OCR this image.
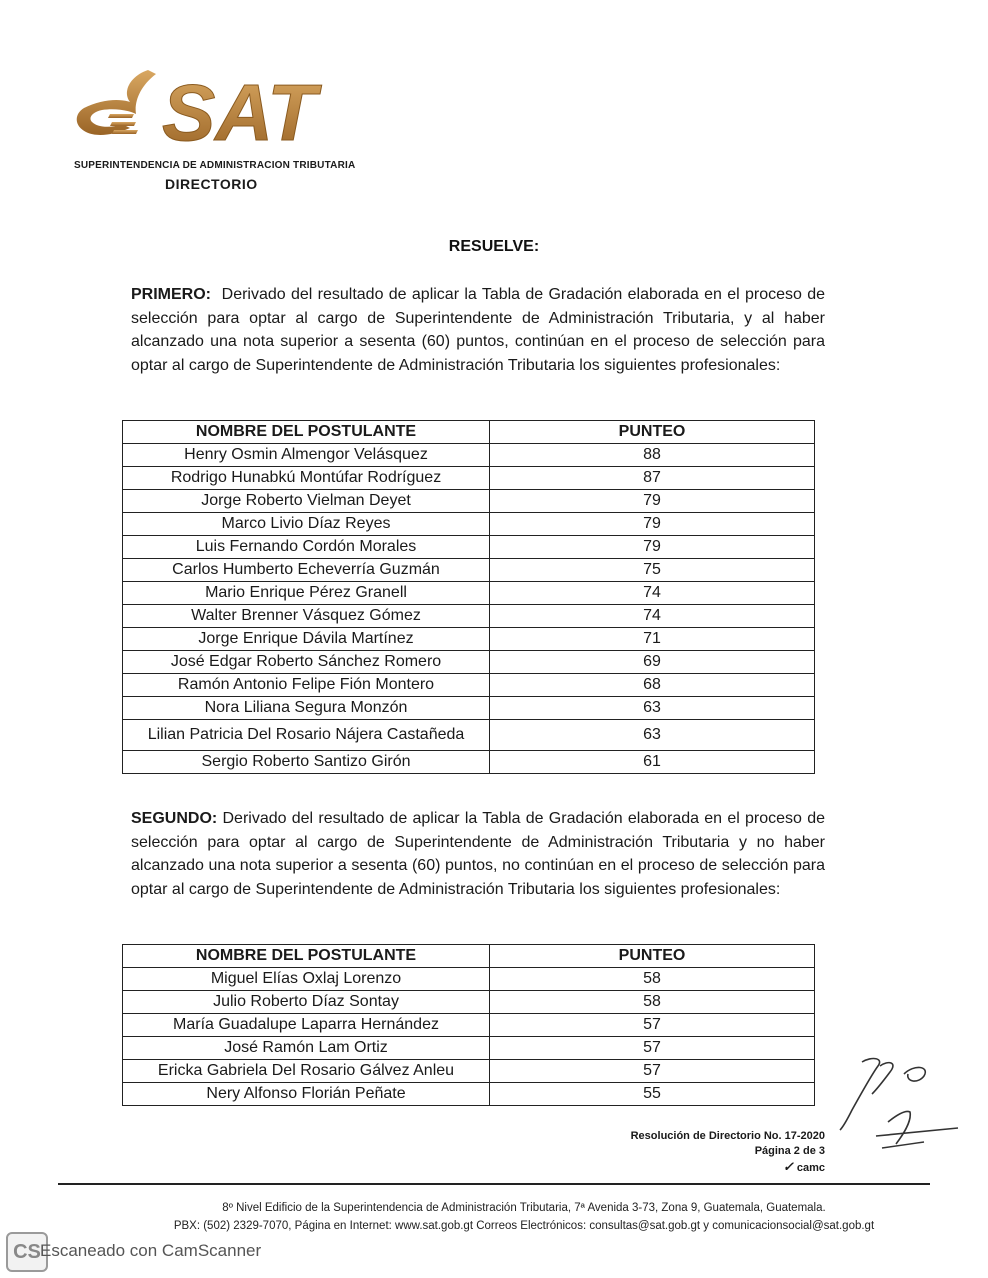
SAT
SUPERINTENDENCIA DE ADMINISTRACION TRIBUTARIA
DIRECTORIO
RESUELVE:
PRIMERO: Derivado del resultado de aplicar la Tabla de Gradación elaborada en el proceso de selección para optar al cargo de Superintendente de Administración Tributaria, y al haber alcanzado una nota superior a sesenta (60) puntos, continúan en el proceso de selección para optar al cargo de Superintendente de Administración Tributaria los siguientes profesionales:
NOMBRE DEL POSTULANTE	PUNTEO
Henry Osmin Almengor Velásquez	88
Rodrigo Hunabkú Montúfar Rodríguez	87
Jorge Roberto Vielman Deyet	79
Marco Livio Díaz Reyes	79
Luis Fernando Cordón Morales	79
Carlos Humberto Echeverría Guzmán	75
Mario Enrique Pérez Granell	74
Walter Brenner Vásquez Gómez	74
Jorge Enrique Dávila Martínez	71
José Edgar Roberto Sánchez Romero	69
Ramón Antonio Felipe Fión Montero	68
Nora Liliana Segura Monzón	63
Lilian Patricia Del Rosario Nájera Castañeda	63
Sergio Roberto Santizo Girón	61
SEGUNDO: Derivado del resultado de aplicar la Tabla de Gradación elaborada en el proceso de selección para optar al cargo de Superintendente de Administración Tributaria y no haber alcanzado una nota superior a sesenta (60) puntos, no continúan en el proceso de selección para optar al cargo de Superintendente de Administración Tributaria los siguientes profesionales:
NOMBRE DEL POSTULANTE	PUNTEO
Miguel Elías Oxlaj Lorenzo	58
Julio Roberto Díaz Sontay	58
María Guadalupe Laparra Hernández	57
José Ramón Lam Ortiz	57
Ericka Gabriela Del Rosario Gálvez Anleu	57
Nery Alfonso Florián Peñate	55
Resolución de Directorio No. 17-2020
Página 2 de 3
✓ camc
8º Nivel Edificio de la Superintendencia de Administración Tributaria, 7ª Avenida 3-73, Zona 9, Guatemala, Guatemala.
PBX: (502) 2329-7070, Página en Internet: www.sat.gob.gt Correos Electrónicos: consultas@sat.gob.gt y comunicacionsocial@sat.gob.gt
CS Escaneado con CamScanner
